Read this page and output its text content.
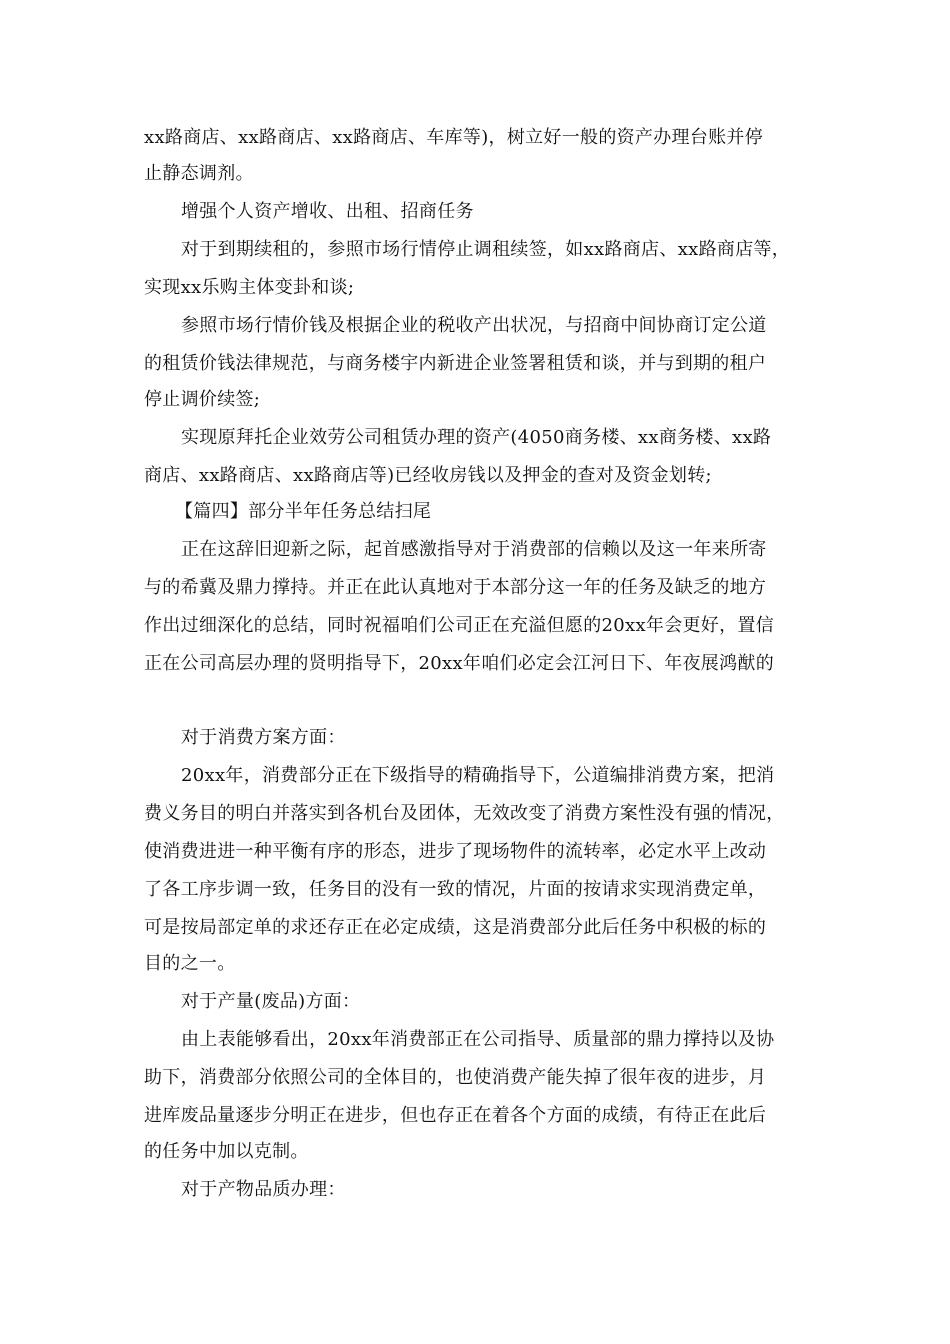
xx路商店、xx路商店、xx路商店、车库等)，树立好一般的资产办理台账并停
止静态调剂。
增强个人资产增收、出租、招商任务
对于到期续租的，参照市场行情停止调租续签，如xx路商店、xx路商店等，
实现xx乐购主体变卦和谈;
参照市场行情价钱及根据企业的税收产出状况，与招商中间协商订定公道
的租赁价钱法律规范，与商务楼宇内新进企业签署租赁和谈，并与到期的租户
停止调价续签;
实现原拜托企业效劳公司租赁办理的资产(4050商务楼、xx商务楼、xx路
商店、xx路商店、xx路商店等)已经收房钱以及押金的查对及资金划转;
【篇四】部分半年任务总结扫尾
正在这辞旧迎新之际，起首感激指导对于消费部的信赖以及这一年来所寄
与的希冀及鼎力撑持。并正在此认真地对于本部分这一年的任务及缺乏的地方
作出过细深化的总结，同时祝福咱们公司正在充溢但愿的20xx年会更好，置信
正在公司高层办理的贤明指导下，20xx年咱们必定会江河日下、年夜展鸿猷的
对于消费方案方面：
20xx年，消费部分正在下级指导的精确指导下，公道编排消费方案，把消
费义务目的明白并落实到各机台及团体，无效改变了消费方案性没有强的情况，
使消费进进一种平衡有序的形态，进步了现场物件的流转率，必定水平上改动
了各工序步调一致，任务目的没有一致的情况，片面的按请求实现消费定单，
可是按局部定单的求还存正在必定成绩，这是消费部分此后任务中积极的标的
目的之一。
对于产量(废品)方面：
由上表能够看出，20xx年消费部正在公司指导、质量部的鼎力撑持以及协
助下，消费部分依照公司的全体目的，也使消费产能失掉了很年夜的进步，月
进库废品量逐步分明正在进步，但也存正在着各个方面的成绩，有待正在此后
的任务中加以克制。
对于产物品质办理：
